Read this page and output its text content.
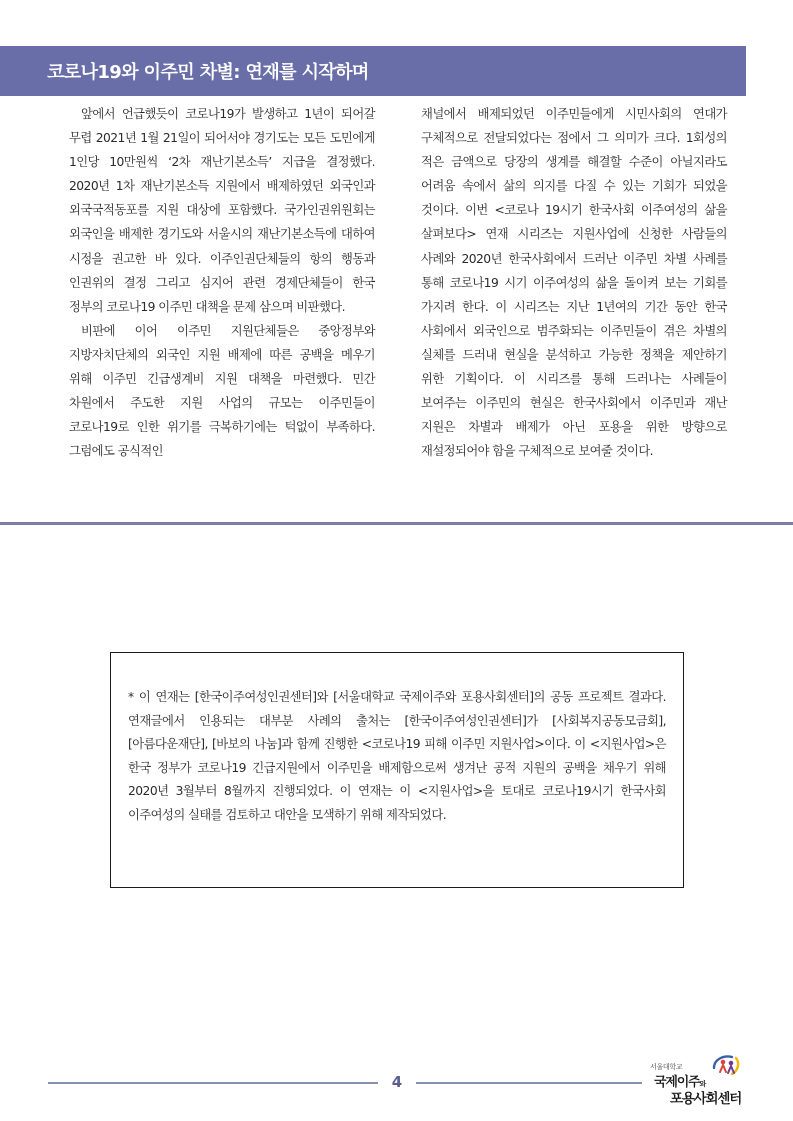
코로나19와 이주민 차별: 연재를 시작하며

앞에서 언급했듯이 코로나19가 발생하고 1년이 되어갈 무렵 2021년 1월 21일이 되어서야 경기도는 모든 도민에게 1인당 10만원씩 ‘2차 재난기본소득’ 지급을 결정했다. 2020년 1차 재난기본소득 지원에서 배제하였던 외국인과 외국국적동포를 지원 대상에 포함했다. 국가인권위원회는 외국인을 배제한 경기도와 서울시의 재난기본소득에 대하여 시정을 권고한 바 있다. 이주인권단체들의 항의 행동과 인권위의 결정 그리고 심지어 관련 경제단체들이 한국 정부의 코로나19 이주민 대책을 문제 삼으며 비판했다.

비판에 이어 이주민 지원단체들은 중앙정부와 지방자치단체의 외국인 지원 배제에 따른 공백을 메우기 위해 이주민 긴급생계비 지원 대책을 마련했다. 민간 차원에서 주도한 지원 사업의 규모는 이주민들이 코로나19로 인한 위기를 극복하기에는 턱없이 부족하다. 그럼에도 공식적인

채널에서 배제되었던 이주민들에게 시민사회의 연대가 구체적으로 전달되었다는 점에서 그 의미가 크다. 1회성의 적은 금액으로 당장의 생계를 해결할 수준이 아닐지라도 어려움 속에서 삶의 의지를 다질 수 있는 기회가 되었을 것이다. 이번 <코로나 19시기 한국사회 이주여성의 삶을 살펴보다> 연재 시리즈는 지원사업에 신청한 사람들의 사례와 2020년 한국사회에서 드러난 이주민 차별 사례를 통해 코로나19 시기 이주여성의 삶을 돌이켜 보는 기회를 가지려 한다. 이 시리즈는 지난 1년여의 기간 동안 한국 사회에서 외국인으로 범주화되는 이주민들이 겪은 차별의 실체를 드러내 현실을 분석하고 가능한 정책을 제안하기 위한 기획이다. 이 시리즈를 통해 드러나는 사례들이 보여주는 이주민의 현실은 한국사회에서 이주민과 재난 지원은 차별과 배제가 아닌 포용을 위한 방향으로 재설정되어야 함을 구체적으로 보여줄 것이다.

* 이 연재는 [한국이주여성인권센터]와 [서울대학교 국제이주와 포용사회센터]의 공동 프로젝트 결과다. 연재글에서 인용되는 대부분 사례의 출처는 [한국이주여성인권센터]가 [사회복지공동모금회], [아름다운재단], [바보의 나눔]과 함께 진행한 <코로나19 피해 이주민 지원사업>이다. 이 <지원사업>은 한국 정부가 코로나19 긴급지원에서 이주민을 배제함으로써 생겨난 공적 지원의 공백을 채우기 위해 2020년 3월부터 8월까지 진행되었다. 이 연재는 이 <지원사업>을 토대로 코로나19시기 한국사회 이주여성의 실태를 검토하고 대안을 모색하기 위해 제작되었다.

4
서울대학교
국제이주와
포용사회센터
